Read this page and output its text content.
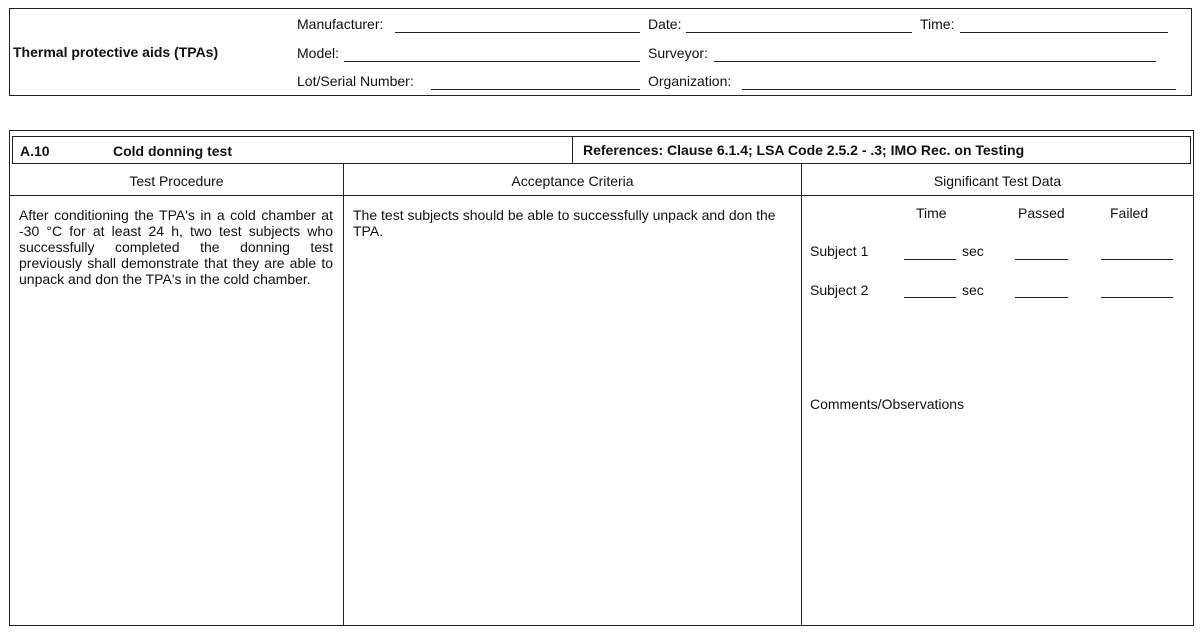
Thermal protective aids (TPAs)
Manufacturer:	Date:	Time:
Model:	Surveyor:
Lot/Serial Number:	Organization:
A.10	Cold donning test	References: Clause 6.1.4; LSA Code 2.5.2 - .3; IMO Rec. on Testing
Test Procedure	Acceptance Criteria	Significant Test Data
After conditioning the TPA's in a cold chamber at -30 °C for at least 24 h, two test subjects who successfully completed the donning test previously shall demonstrate that they are able to unpack and don the TPA's in the cold chamber.
The test subjects should be able to successfully unpack and don the TPA.
Time	Passed	Failed
Subject 1	sec
Subject 2	sec
Comments/Observations
